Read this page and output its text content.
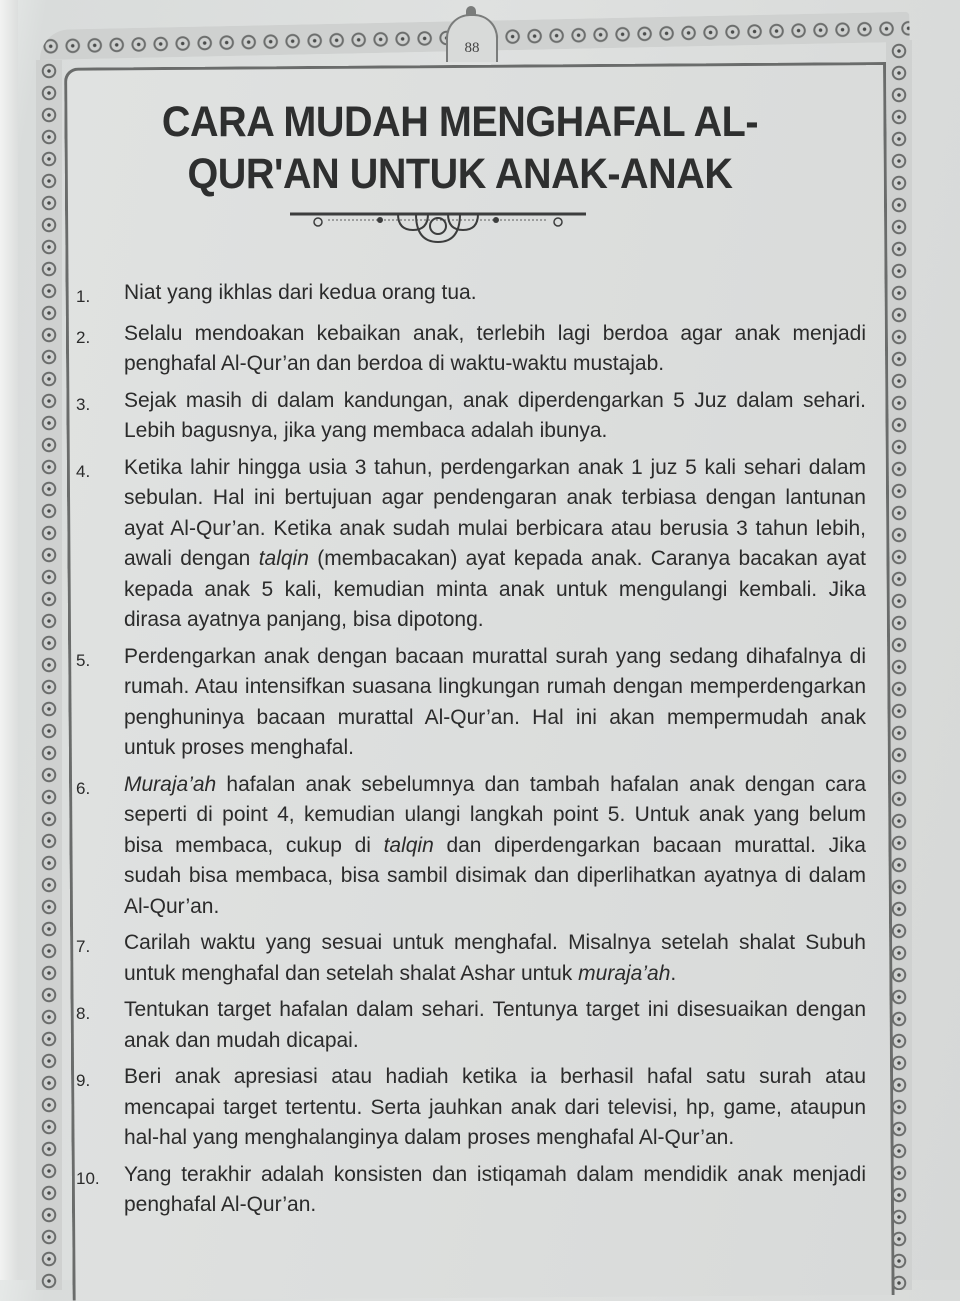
88
CARA MUDAH MENGHAFAL AL-
QUR'AN UNTUK ANAK-ANAK
1.	Niat yang ikhlas dari kedua orang tua.
2.	Selalu mendoakan kebaikan anak, terlebih lagi berdoa agar anak menjadi penghafal Al-Qur’an dan berdoa di waktu-waktu mustajab.
3.	Sejak masih di dalam kandungan, anak diperdengarkan 5 Juz dalam sehari. Lebih bagusnya, jika yang membaca adalah ibunya.
4.	Ketika lahir hingga usia 3 tahun, perdengarkan anak 1 juz 5 kali sehari dalam sebulan. Hal ini bertujuan agar pendengaran anak terbiasa dengan lantunan ayat Al-Qur’an. Ketika anak sudah mulai berbicara atau berusia 3 tahun lebih, awali dengan talqin (membacakan) ayat kepada anak. Caranya bacakan ayat kepada anak 5 kali, kemudian minta anak untuk mengulangi kembali. Jika dirasa ayatnya panjang, bisa dipotong.
5.	Perdengarkan anak dengan bacaan murattal surah yang sedang dihafalnya di rumah. Atau intensifkan suasana lingkungan rumah dengan memperdengarkan penghuninya bacaan murattal Al-Qur’an. Hal ini akan mempermudah anak untuk proses menghafal.
6.	Muraja’ah hafalan anak sebelumnya dan tambah hafalan anak dengan cara seperti di point 4, kemudian ulangi langkah point 5. Untuk anak yang belum bisa membaca, cukup di talqin dan diperdengarkan bacaan murattal. Jika sudah bisa membaca, bisa sambil disimak dan diperlihatkan ayatnya di dalam Al-Qur’an.
7.	Carilah waktu yang sesuai untuk menghafal. Misalnya setelah shalat Subuh untuk menghafal dan setelah shalat Ashar untuk muraja’ah.
8.	Tentukan target hafalan dalam sehari. Tentunya target ini disesuaikan dengan anak dan mudah dicapai.
9.	Beri anak apresiasi atau hadiah ketika ia berhasil hafal satu surah atau mencapai target tertentu. Serta jauhkan anak dari televisi, hp, game, ataupun hal-hal yang menghalanginya dalam proses menghafal Al-Qur’an.
10.	Yang terakhir adalah konsisten dan istiqamah dalam mendidik anak menjadi penghafal Al-Qur’an.
